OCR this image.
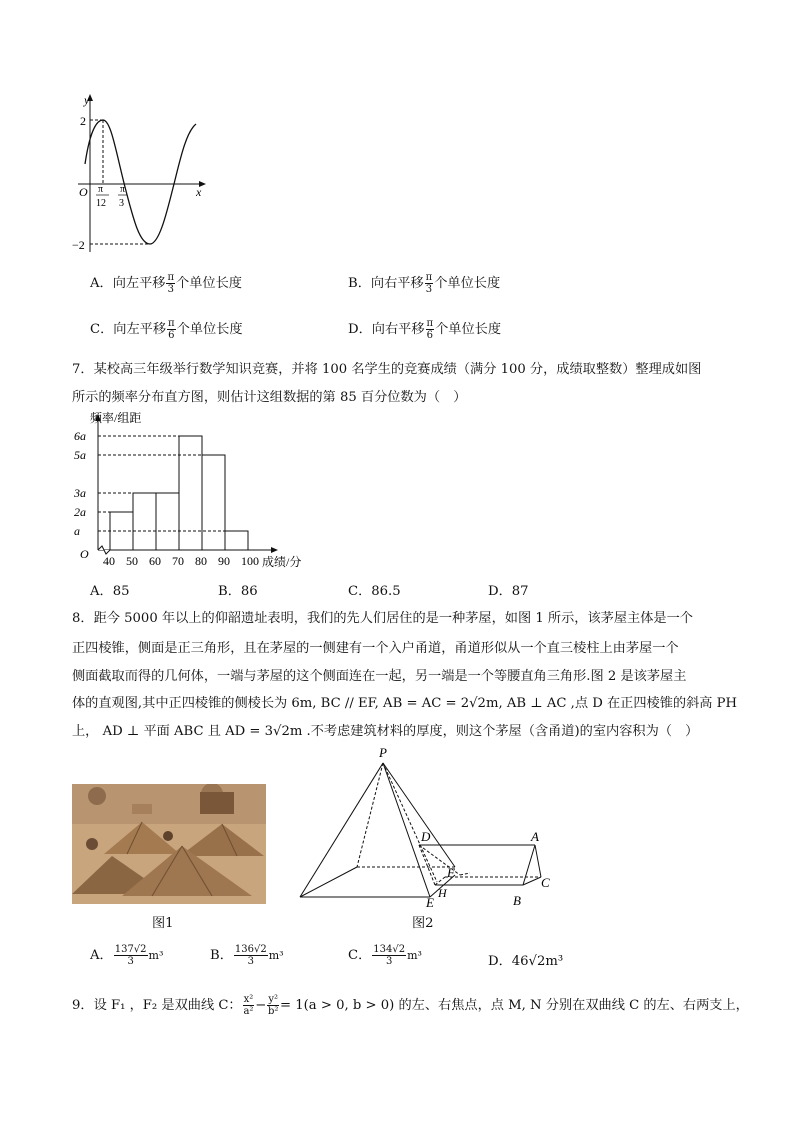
y
x
O
2
−2
π
12
π
3
A．向左平移 $\frac{\pi}{3}$ 个单位长度	B．向右平移 $\frac{\pi}{3}$ 个单位长度
C．向左平移 $\frac{\pi}{6}$ 个单位长度	D．向右平移 $\frac{\pi}{6}$ 个单位长度
7．某校高三年级举行数学知识竞赛，并将 100 名学生的竞赛成绩（满分 100 分，成绩取整数）整理成如图
所示的频率分布直方图，则估计这组数据的第 85 百分位数为（　）
a
2a
3a
5a
6a
40 50 60 70 80 90 100
O
频率/组距
成绩/分
A．85	B．86	C．86.5	D．87
8．距今 5000 年以上的仰韶遗址表明，我们的先人们居住的是一种茅屋，如图 1 所示，该茅屋主体是一个
正四棱锥，侧面是正三角形，且在茅屋的一侧建有一个入户甬道，甬道形似从一个直三棱柱上由茅屋一个
侧面截取而得的几何体，一端与茅屋的这个侧面连在一起，另一端是一个等腰直角三角形.图 2 是该茅屋主
体的直观图,其中正四棱锥的侧棱长为 6m, BC // EF, AB = AC = 2√2m, AB ⊥ AC ,点 D 在正四棱锥的斜高 PH
上， AD ⊥ 平面 ABC 且 AD = 3√2m .不考虑建筑材料的厚度，则这个茅屋（含甬道)的室内容积为（　）
图1
P
D	A
C
B
E
F
H
图2
A． $\frac{137√2}{3} m^3$	B． $\frac{136√2}{3} m^3$	C． $\frac{134√2}{3} m^3$	D．46√2m³
9．设 F₁ ，F₂ 是双曲线 C： $\frac{\text{x²}}{\text{a²}} - \frac{\text{y²}}{\text{b²}} = 1(a > 0$, b > 0) 的左、右焦点，点 M, N 分别在双曲线 C 的左、右两支上，
